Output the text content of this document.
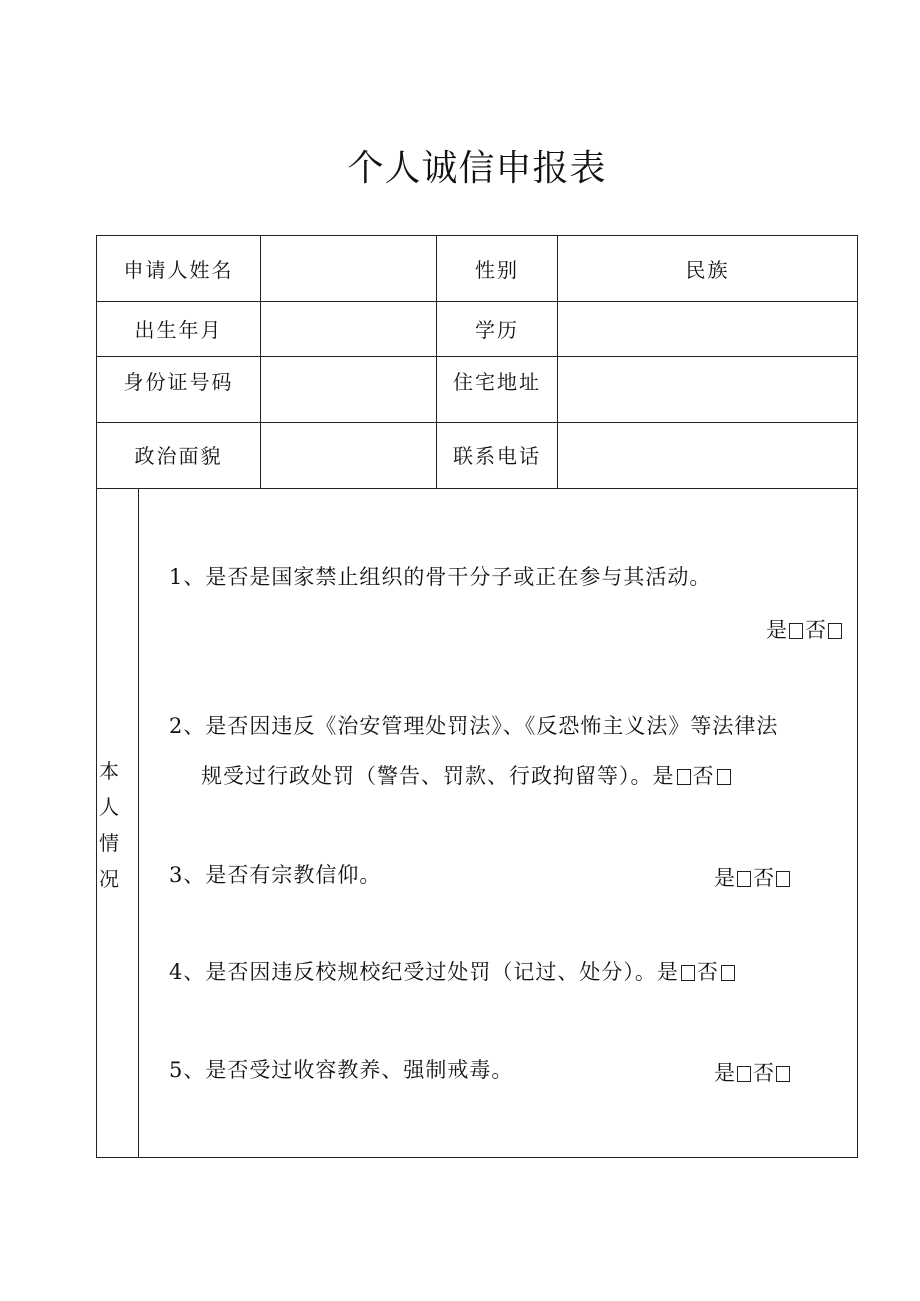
个人诚信申报表
申请人姓名	性别	民族
出生年月	学历
身份证号码	住宅地址
政治面貌	联系电话
本
人
情
况
1、是否是国家禁止组织的骨干分子或正在参与其活动。
是 否
2、是否因违反《治安管理处罚法》、《反恐怖主义法》等法律法
规受过行政处罚（警告、罚款、行政拘留等）。是 否
3、是否有宗教信仰。	是 否
4、是否因违反校规校纪受过处罚（记过、处分）。是 否
5、是否受过收容教养、强制戒毒。	是 否
